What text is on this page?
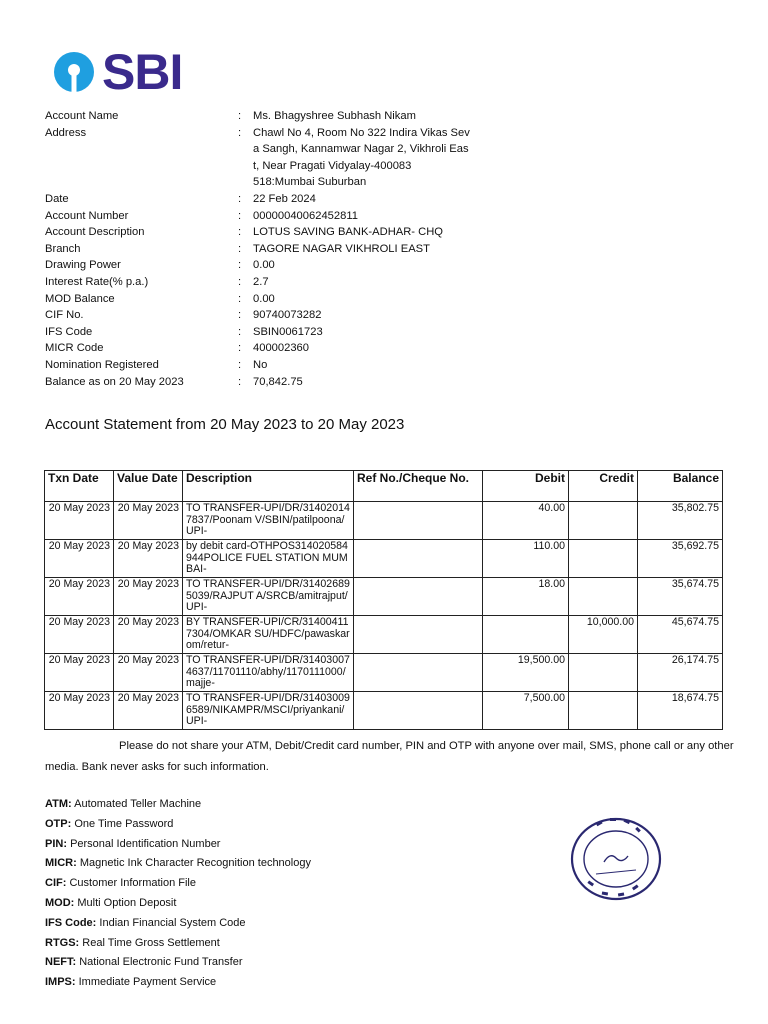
SBI
Account Name	: Ms. Bhagyshree Subhash Nikam
Address	: Chawl No 4, Room No 322 Indira Vikas Sev
a Sangh, Kannamwar Nagar 2, Vikhroli Eas
t, Near Pragati Vidyalay-400083
518:Mumbai Suburban
Date	: 22 Feb 2024
Account Number	: 00000040062452811
Account Description	: LOTUS SAVING BANK-ADHAR- CHQ
Branch	: TAGORE NAGAR VIKHROLI EAST
Drawing Power	: 0.00
Interest Rate(% p.a.)	: 2.7
MOD Balance	: 0.00
CIF No.	: 90740073282
IFS Code	: SBIN0061723
MICR Code	: 400002360
Nomination Registered	: No
Balance as on 20 May 2023	: 70,842.75
Account Statement from 20 May 2023 to 20 May 2023
Txn Date	Value Date	Description	Ref No./Cheque No.	Debit	Credit	Balance
20 May 2023	20 May 2023	TO TRANSFER-UPI/DR/314020147837/Poonam V/SBIN/patilpoona/UPI-		40.00		35,802.75
20 May 2023	20 May 2023	by debit card-OTHPOS314020584944POLICE FUEL STATION MUMBAI-		110.00		35,692.75
20 May 2023	20 May 2023	TO TRANSFER-UPI/DR/314026895039/RAJPUT A/SRCB/amitrajput/UPI-		18.00		35,674.75
20 May 2023	20 May 2023	BY TRANSFER-UPI/CR/314004117304/OMKAR SU/HDFC/pawaskarom/retur-			10,000.00	45,674.75
20 May 2023	20 May 2023	TO TRANSFER-UPI/DR/314030074637/11701110/abhy/1170111000/majje-		19,500.00		26,174.75
20 May 2023	20 May 2023	TO TRANSFER-UPI/DR/314030096589/NIKAMPR/MSCI/priyankani/UPI-		7,500.00		18,674.75
Please do not share your ATM, Debit/Credit card number, PIN and OTP with anyone over mail, SMS, phone call or any other
media. Bank never asks for such information.
ATM: Automated Teller Machine
OTP: One Time Password
PIN: Personal Identification Number
MICR: Magnetic Ink Character Recognition technology
CIF: Customer Information File
MOD: Multi Option Deposit
IFS Code: Indian Financial System Code
RTGS: Real Time Gross Settlement
NEFT: National Electronic Fund Transfer
IMPS: Immediate Payment Service
